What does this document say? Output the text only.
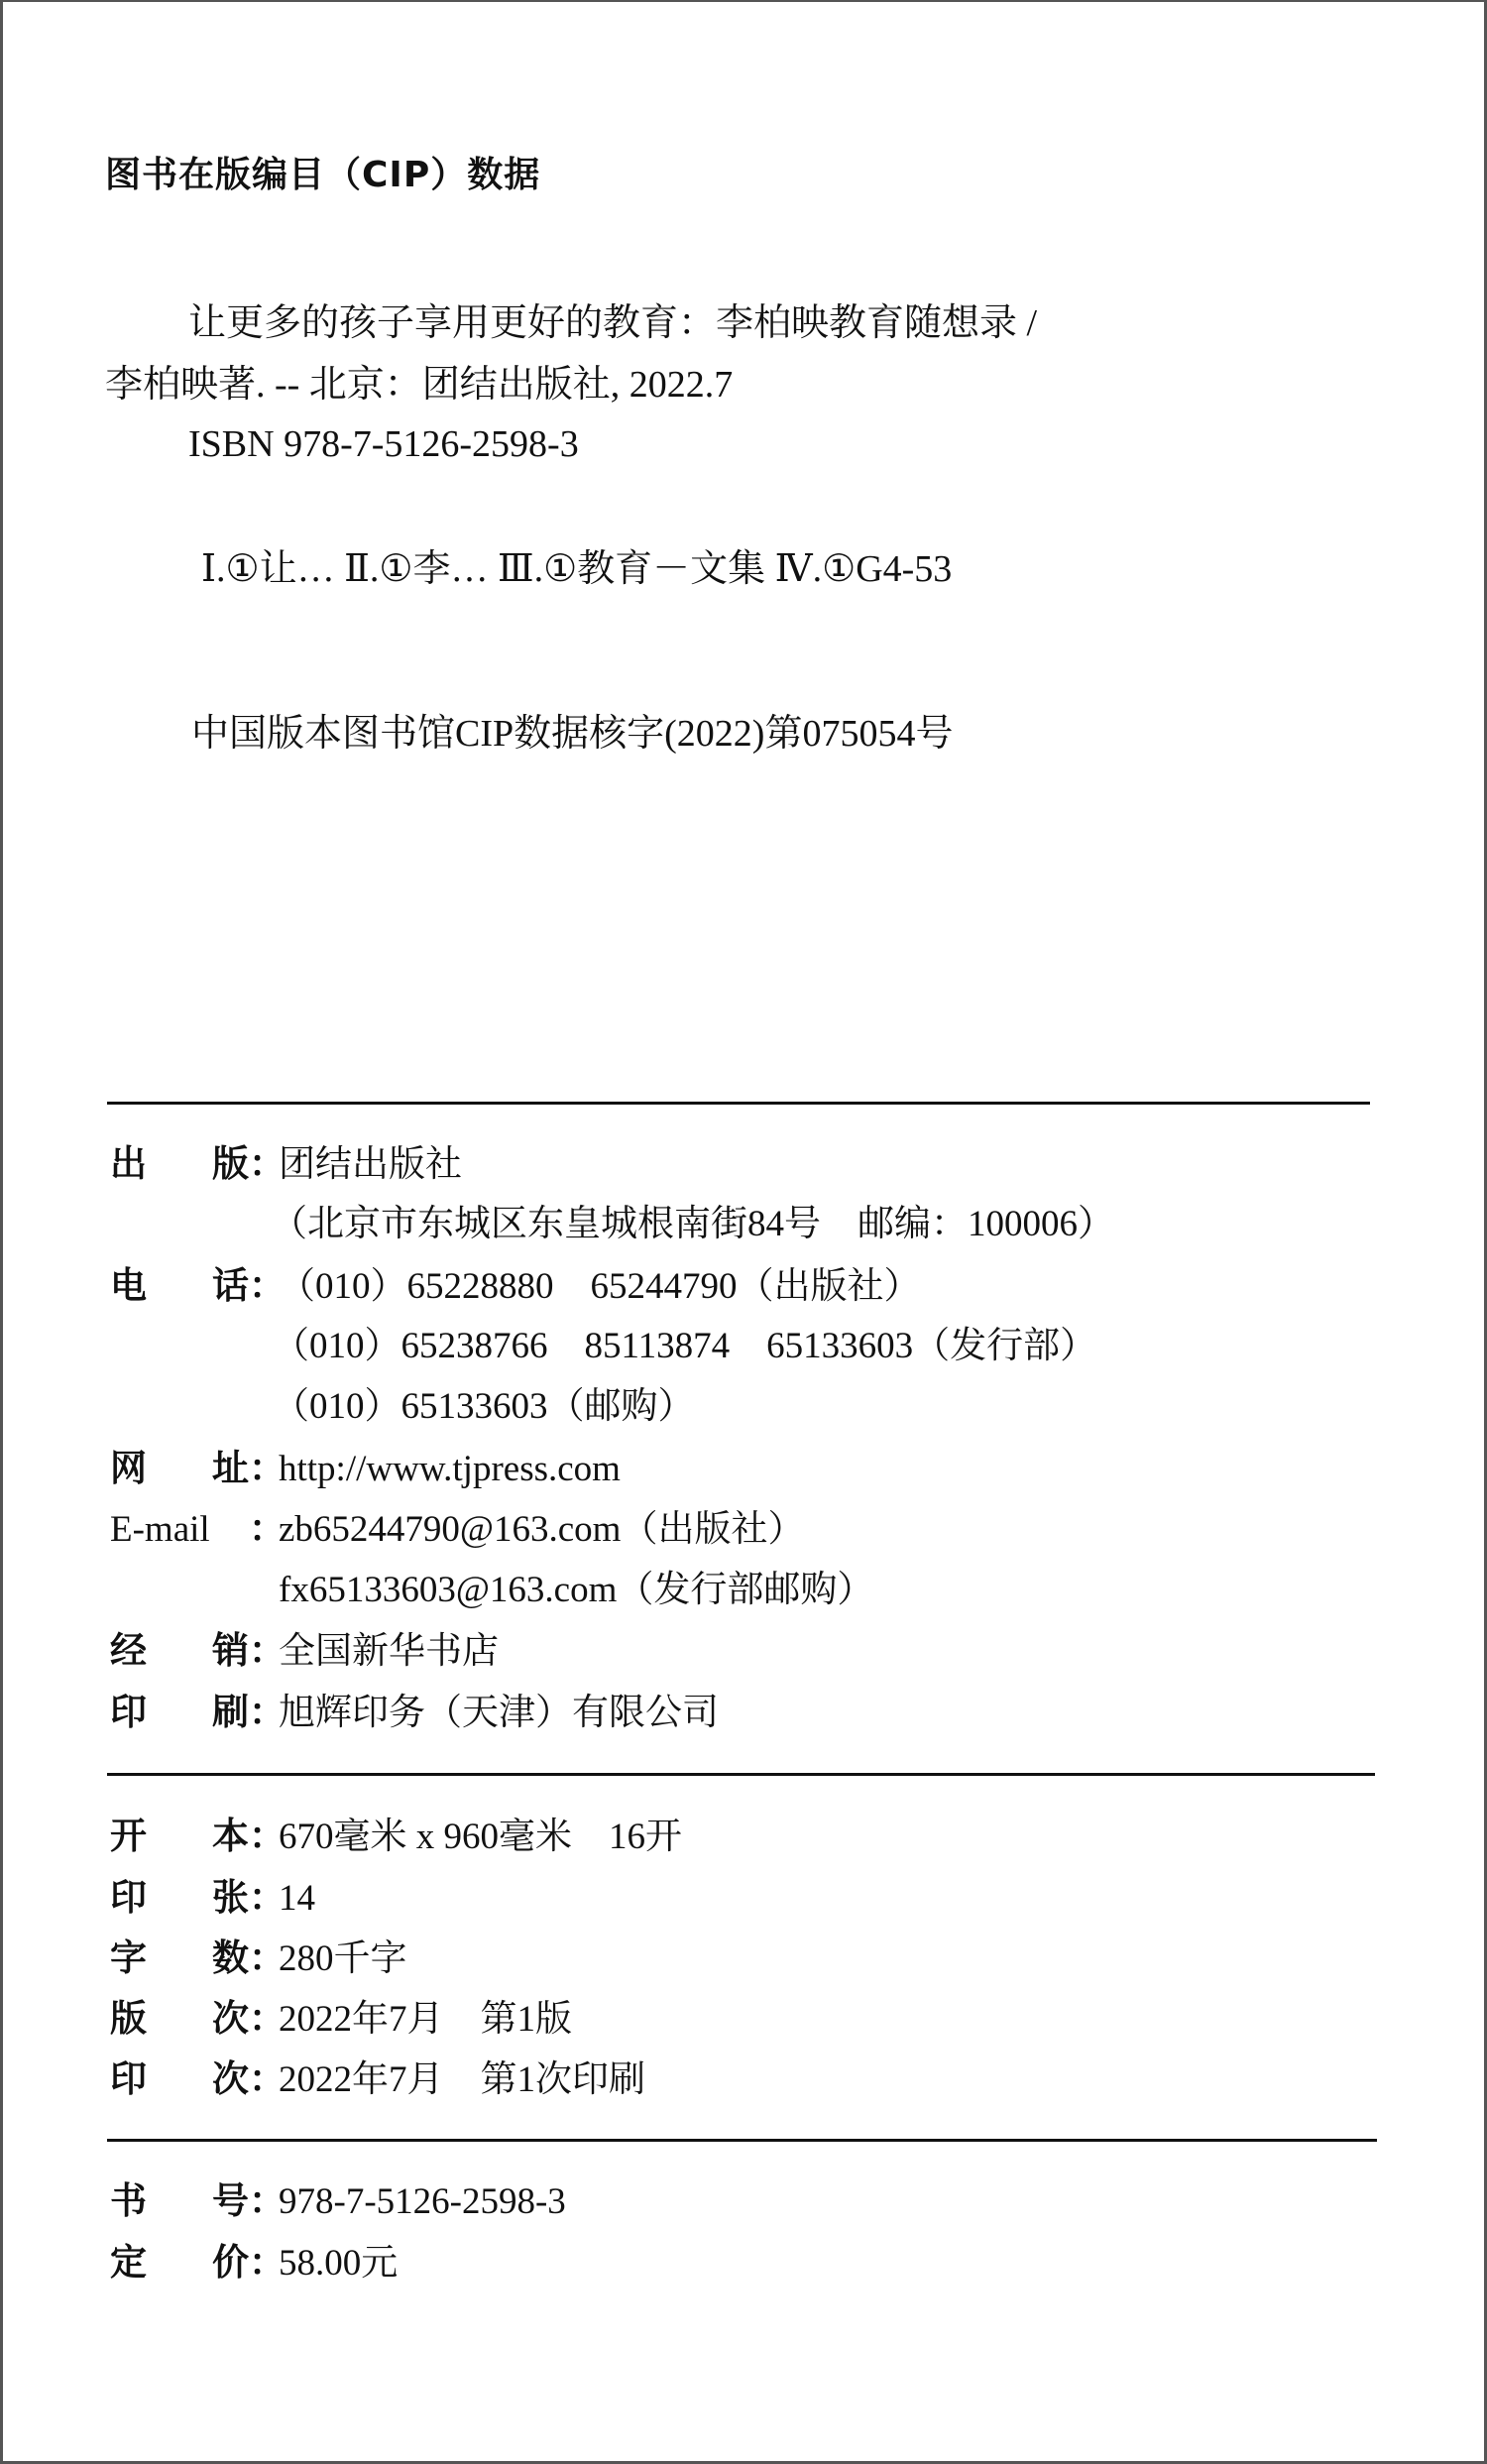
图书在版编目（CIP）数据
让更多的孩子享用更好的教育：李柏映教育随想录 /
李柏映著. -- 北京：团结出版社, 2022.7
ISBN 978-7-5126-2598-3
Ⅰ.①让… Ⅱ.①李… Ⅲ.①教育－文集 Ⅳ.①G4-53
中国版本图书馆CIP数据核字(2022)第075054号
出 版 ：
团结出版社
（北京市东城区东皇城根南街84号　邮编：100006）
电 话 ：
（010）65228880　65244790（出版社）
（010）65238766　85113874　65133603（发行部）
（010）65133603（邮购）
网 址 ：
http://www.tjpress.com
E-mail	：
zb65244790@163.com（出版社）
fx65133603@163.com（发行部邮购）
经 销 ：
全国新华书店
印 刷 ：
旭辉印务（天津）有限公司
开 本 ：
670毫米 x 960毫米　16开
印 张 ：
14
字 数 ：
280千字
版 次 ：
2022年7月　第1版
印 次 ：
2022年7月　第1次印刷
书 号 ：
978-7-5126-2598-3
定 价 ：
58.00元
